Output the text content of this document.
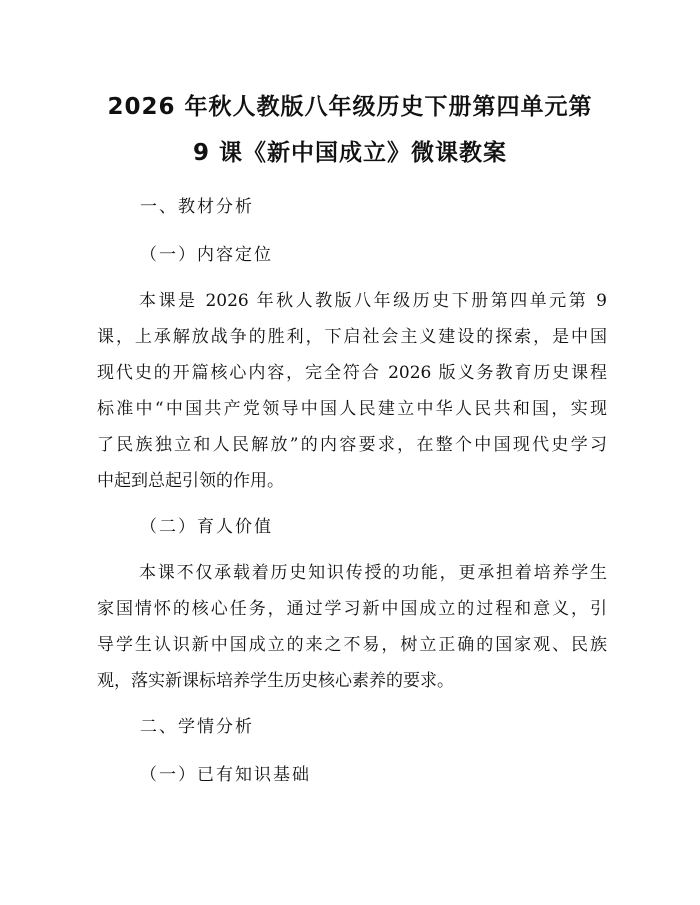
2026 年秋人教版八年级历史下册第四单元第
9 课《新中国成立》微课教案
一、教材分析
（一）内容定位
本课是 2026 年秋人教版八年级历史下册第四单元第 9
课，上承解放战争的胜利，下启社会主义建设的探索，是中国
现代史的开篇核心内容，完全符合 2026 版义务教育历史课程
标准中“中国共产党领导中国人民建立中华人民共和国，实现
了民族独立和人民解放”的内容要求，在整个中国现代史学习
中起到总起引领的作用。
（二）育人价值
本课不仅承载着历史知识传授的功能，更承担着培养学生
家国情怀的核心任务，通过学习新中国成立的过程和意义，引
导学生认识新中国成立的来之不易，树立正确的国家观、民族
观，落实新课标培养学生历史核心素养的要求。
二、学情分析
（一）已有知识基础
